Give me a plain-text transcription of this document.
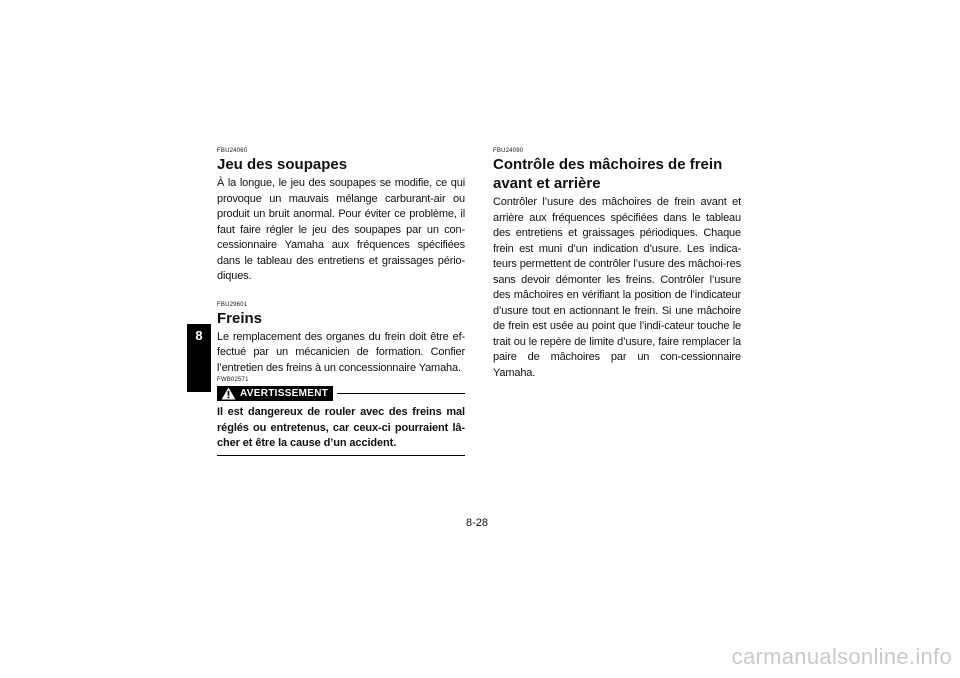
8

FBU24060

Jeu des soupapes

À la longue, le jeu des soupapes se modifie, ce qui provoque un mauvais mélange carburant-air ou produit un bruit anormal. Pour éviter ce problème, il faut faire régler le jeu des soupapes par un con-cessionnaire Yamaha aux fréquences spécifiées dans le tableau des entretiens et graissages pério-diques.

FBU29601

Freins

Le remplacement des organes du frein doit être ef-fectué par un mécanicien de formation. Confier l’entretien des freins à un concessionnaire Yamaha.

FWB02571

AVERTISSEMENT

Il est dangereux de rouler avec des freins mal réglés ou entretenus, car ceux-ci pourraient lâ-cher et être la cause d’un accident.

FBU24090

Contrôle des mâchoires de frein avant et arrière

Contrôler l’usure des mâchoires de frein avant et arrière aux fréquences spécifiées dans le tableau des entretiens et graissages périodiques. Chaque frein est muni d’un indication d’usure. Les indica-teurs permettent de contrôler l’usure des mâchoi-res sans devoir démonter les freins. Contrôler l’usure des mâchoires en vérifiant la position de l’indicateur d’usure tout en actionnant le frein. Si une mâchoire de frein est usée au point que l’indi-cateur touche le trait ou le repère de limite d’usure, faire remplacer la paire de mâchoires par un con-cessionnaire Yamaha.

8-28
carmanualsonline.info
